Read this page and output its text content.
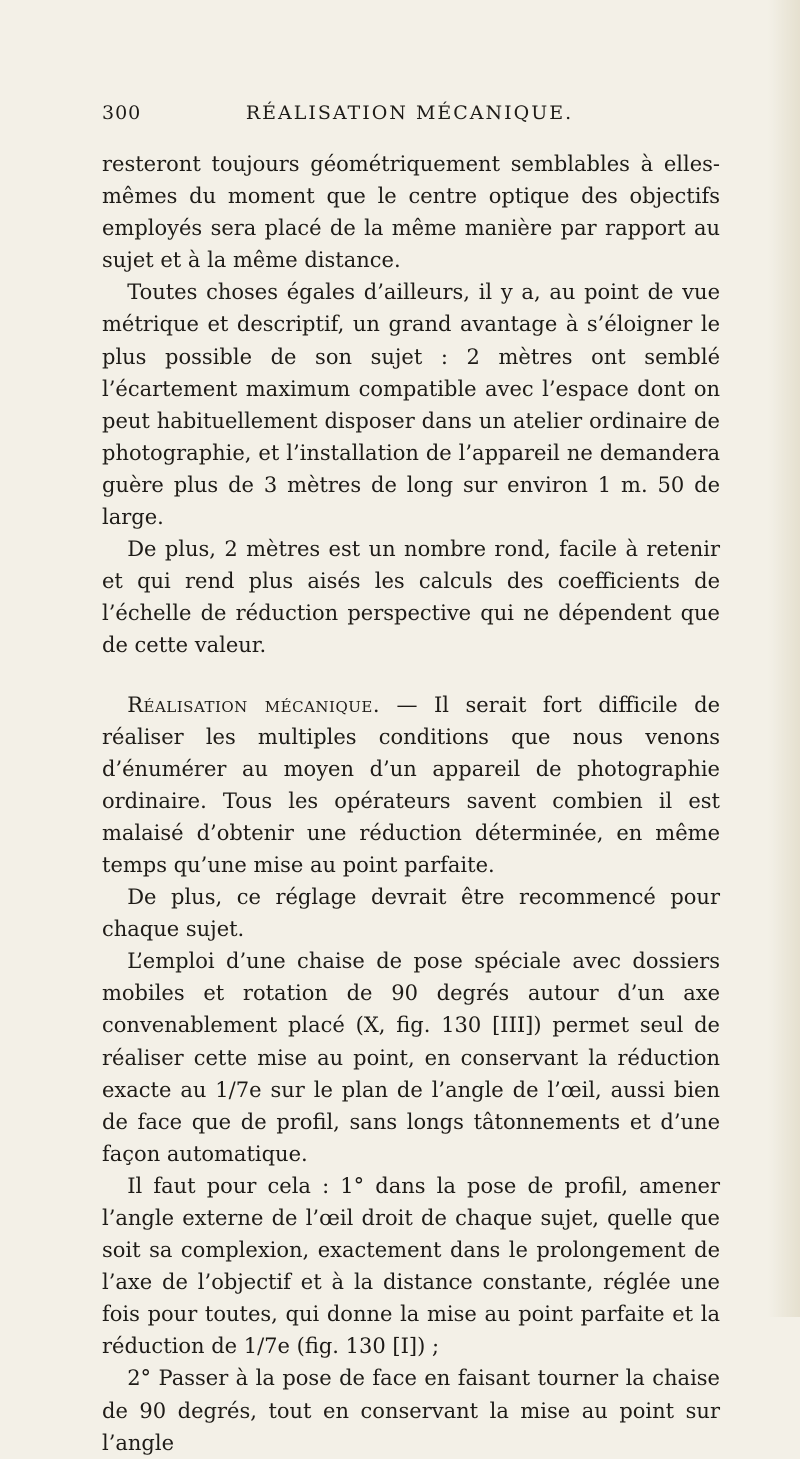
300	RÉALISATION MÉCANIQUE.

resteront toujours géométriquement semblables à elles-mêmes du moment que le centre optique des objectifs employés sera placé de la même manière par rapport au sujet et à la même distance.

Toutes choses égales d’ailleurs, il y a, au point de vue métrique et descriptif, un grand avantage à s’éloigner le plus possible de son sujet : 2 mètres ont semblé l’écartement maximum compatible avec l’espace dont on peut habituellement disposer dans un atelier ordinaire de photographie, et l’installation de l’appareil ne demandera guère plus de 3 mètres de long sur environ 1 m. 50 de large.

De plus, 2 mètres est un nombre rond, facile à retenir et qui rend plus aisés les calculs des coefficients de l’échelle de réduction perspective qui ne dépendent que de cette valeur.

Réalisation mécanique. — Il serait fort difficile de réaliser les multiples conditions que nous venons d’énumérer au moyen d’un appareil de photographie ordinaire. Tous les opérateurs savent combien il est malaisé d’obtenir une réduction déterminée, en même temps qu’une mise au point parfaite.

De plus, ce réglage devrait être recommencé pour chaque sujet.

L’emploi d’une chaise de pose spéciale avec dossiers mobiles et rotation de 90 degrés autour d’un axe convenablement placé (X, fig. 130 [III]) permet seul de réaliser cette mise au point, en conservant la réduction exacte au 1/7e sur le plan de l’angle de l’œil, aussi bien de face que de profil, sans longs tâtonnements et d’une façon automatique.

Il faut pour cela : 1° dans la pose de profil, amener l’angle externe de l’œil droit de chaque sujet, quelle que soit sa complexion, exactement dans le prolongement de l’axe de l’objectif et à la distance constante, réglée une fois pour toutes, qui donne la mise au point parfaite et la réduction de 1/7e (fig. 130 [I]) ;

2° Passer à la pose de face en faisant tourner la chaise de 90 degrés, tout en conservant la mise au point sur l’angle
